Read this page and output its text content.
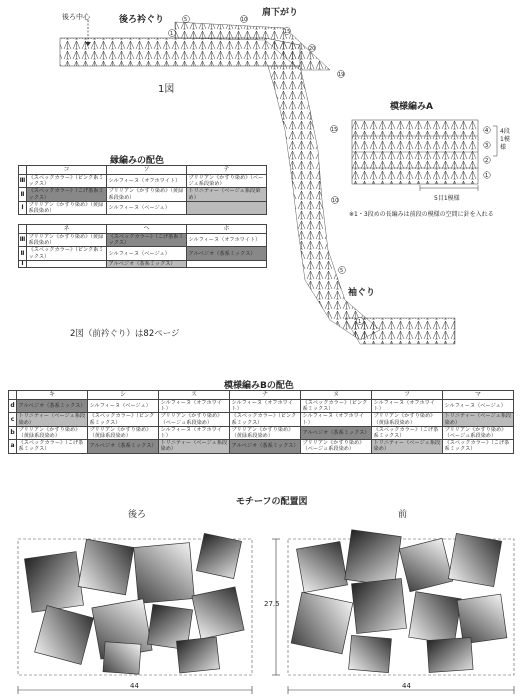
1
5	10
15
20
19
15
10
5
1
4
3
2
1
後ろ中心	後ろ衿ぐり
肩下がり
1図
袖ぐり
模様編みA
4段1模様
5目1模様
※1・3段めの長編みは前段の模様の空間に針を入れる
縁編みの配色
	コ	ソ	テ
Ⅲ	《スペックカラー》（ピンク系ミックス）	シルフィーヌ（オフホワイト）	ブリリアン《かすり染め》（ベージュ系段染め）
Ⅱ	《スペックカラー》（こげ茶系ミックス）	ブリリアン《かすり染め》（黄緑系段染め）	トリニティー（ベージュ系段染め）
Ⅰ	ブリリアン《かすり染め》（黄緑系段染め）	シルフィーヌ（ベージュ）	
	ネ	ヘ	ホ
Ⅲ	ブリリアン《かすり染め》（黄緑系段染め）	《スペックカラー》（こげ茶系ミックス）	シルフィーヌ（オフホワイト）
Ⅱ	《スペックカラー》（ピンク系ミックス）	シルフィーヌ（ベージュ）	アルペジオ（茶系ミックス）
Ⅰ		アルペジオ（茶系ミックス）	
2図（前衿ぐり）は82ページ
模様編みBの配色
	キ	シ	ス	ナ	ヌ	フ	マ
d	アルペジオ（茶系ミックス）	シルフィーヌ（ベージュ）	シルフィーヌ（オフホワイト）	シルフィーヌ（オフホワイト）	《スペックカラー》（ピンク系ミックス）	シルフィーヌ（オフホワイト）	シルフィーヌ（ベージュ）
c	トリニティー（ベージュ系段染め）	《スペックカラー》（ピンク系ミックス）	ブリリアン《かすり染め》（ベージュ系段染め）	《スペックカラー》（ピンク系ミックス）	シルフィーヌ（オフホワイト）	ブリリアン《かすり染め》（黄緑系段染め）	トリニティー（ベージュ系段染め）
b	ブリリアン《かすり染め》（黄緑系段染め）	ブリリアン《かすり染め》（黄緑系段染め）	シルフィーヌ（オフホワイト）	ブリリアン《かすり染め》（黄緑系段染め）	アルペジオ（茶系ミックス）	《スペックカラー》（こげ茶系ミックス）	ブリリアン《かすり染め》（ベージュ系段染め）
a	《スペックカラー》（こげ茶系ミックス）	アルペジオ（茶系ミックス）	トリニティー（ベージュ系段染め）	アルペジオ（茶系ミックス）	ブリリアン《かすり染め》（ベージュ系段染め）	トリニティー（ベージュ系段染め）	《スペックカラー》（こげ茶系ミックス）
モチーフの配置図
後ろ	前
27.5
44	44
